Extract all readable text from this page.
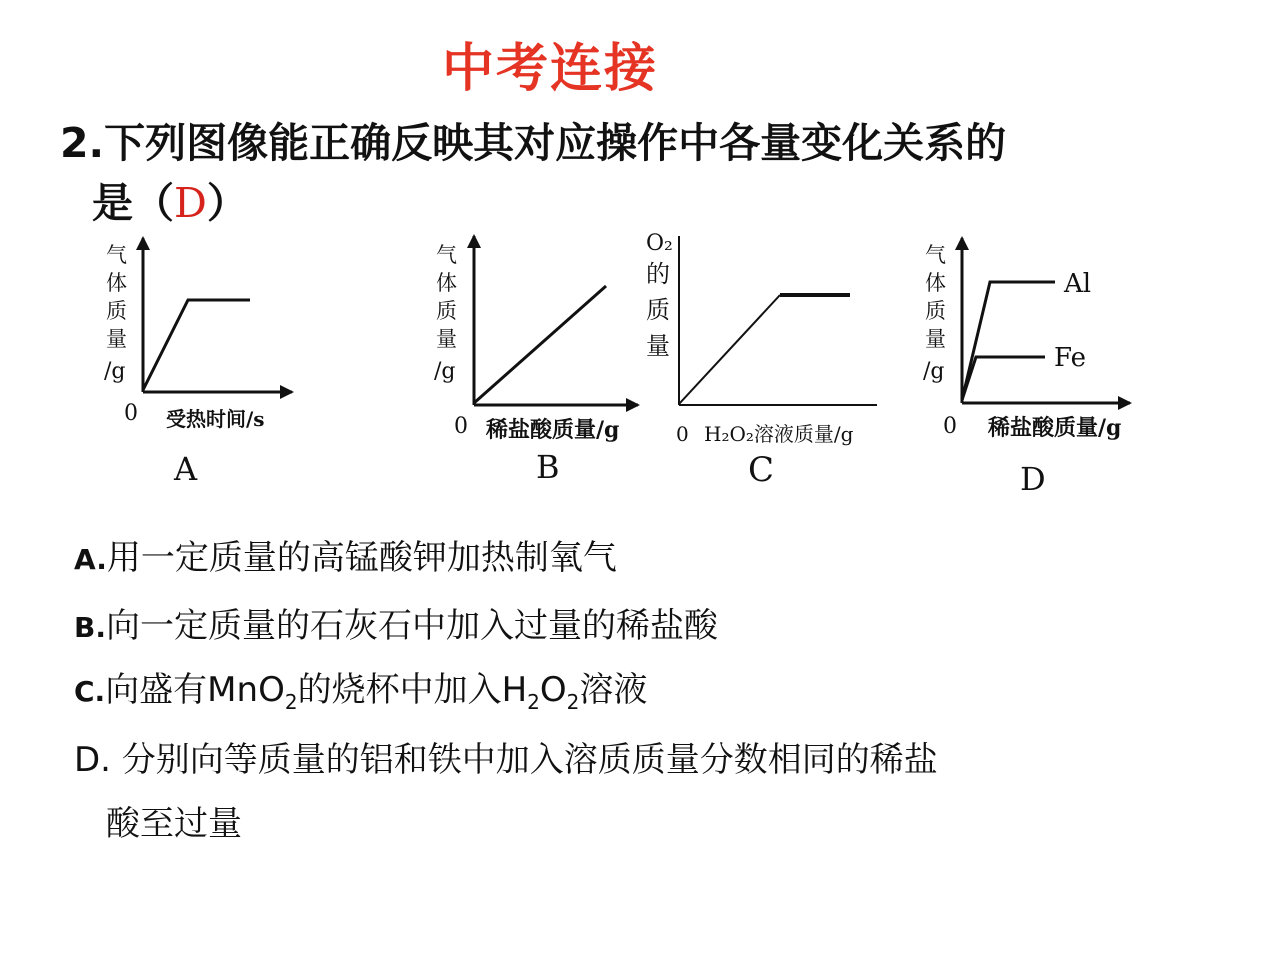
中考连接
2.下列图像能正确反映其对应操作中各量变化关系的
是（D）
气
体
质
量
/g
0 受热时间/s
A
气
体
质
量
/g
0 稀盐酸质量/g
B
O₂
的
质
量
0 H₂O₂溶液质量/g
C
Al
Fe
气
体
质
量
/g
0 稀盐酸质量/g
D
A.用一定质量的高锰酸钾加热制氧气
B.向一定质量的石灰石中加入过量的稀盐酸
C.向盛有MnO$_2$的烧杯中加入$H_2O_2$溶液
D. 分别向等质量的铝和铁中加入溶质质量分数相同的稀盐
酸至过量
